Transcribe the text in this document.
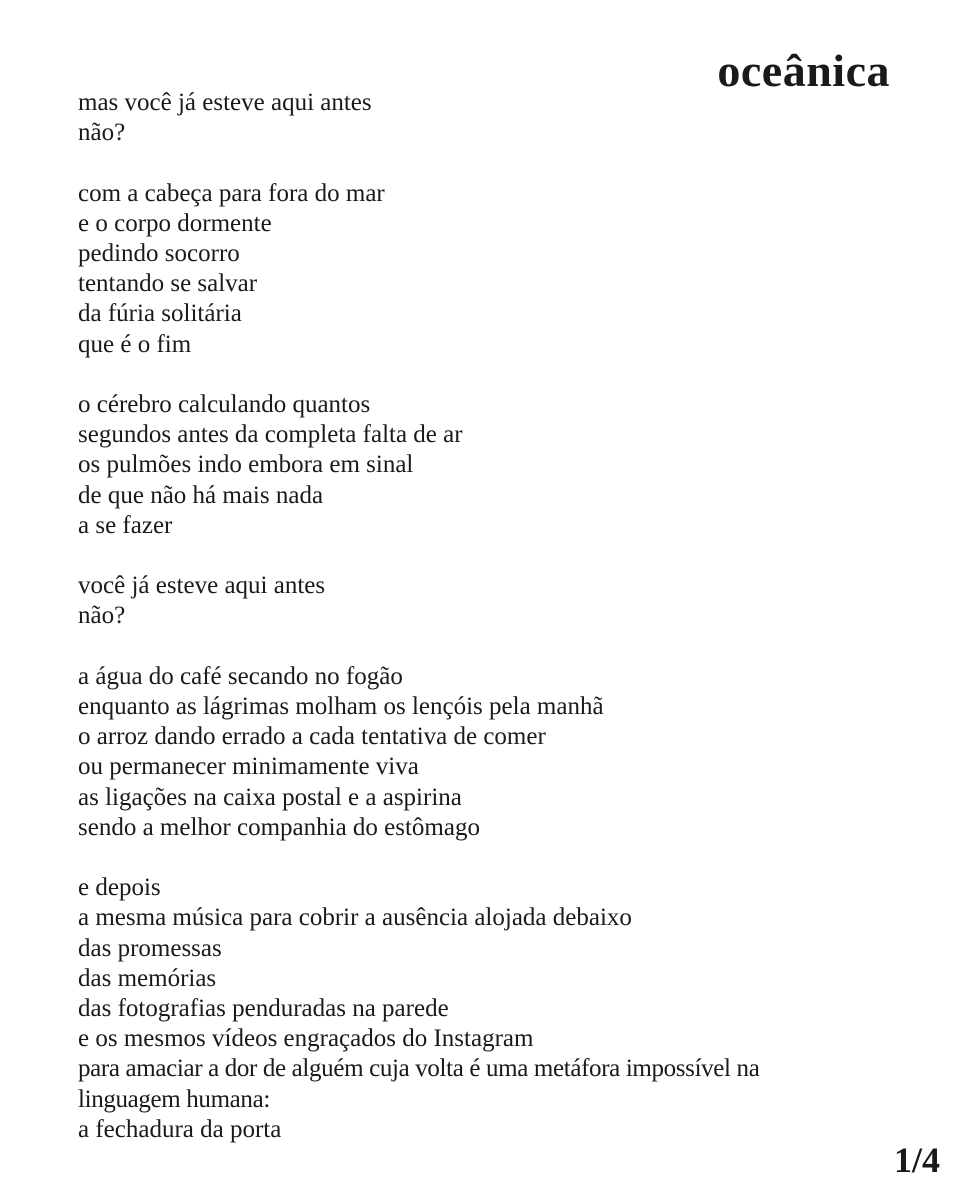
oceânica

mas você já esteve aqui antes
não?

com a cabeça para fora do mar
e o corpo dormente
pedindo socorro
tentando se salvar
da fúria solitária
que é o fim

o cérebro calculando quantos
segundos antes da completa falta de ar
os pulmões indo embora em sinal
de que não há mais nada
a se fazer

você já esteve aqui antes
não?

a água do café secando no fogão
enquanto as lágrimas molham os lençóis pela manhã
o arroz dando errado a cada tentativa de comer
ou permanecer minimamente viva
as ligações na caixa postal e a aspirina
sendo a melhor companhia do estômago

e depois
a mesma música para cobrir a ausência alojada debaixo
das promessas
das memórias
das fotografias penduradas na parede
e os mesmos vídeos engraçados do Instagram
para amaciar a dor de alguém cuja volta é uma metáfora impossível na
linguagem humana:
a fechadura da porta

1/4
